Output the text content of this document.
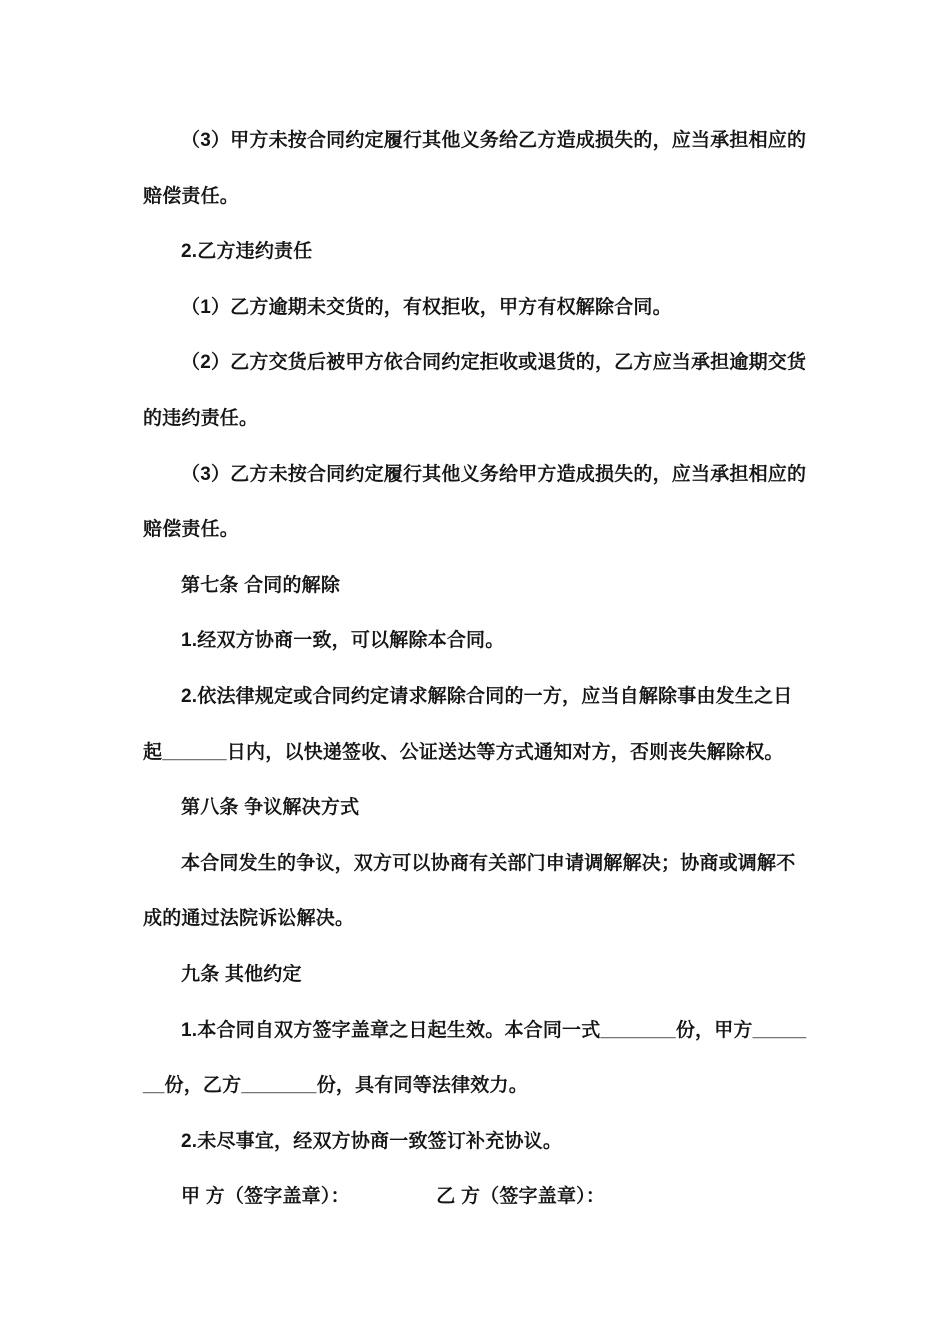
（3）甲方未按合同约定履行其他义务给乙方造成损失的，应当承担相应的赔偿责任。

2.乙方违约责任

（1）乙方逾期未交货的，有权拒收，甲方有权解除合同。

（2）乙方交货后被甲方依合同约定拒收或退货的，乙方应当承担逾期交货的违约责任。

（3）乙方未按合同约定履行其他义务给甲方造成损失的，应当承担相应的赔偿责任。

第七条 合同的解除

1.经双方协商一致，可以解除本合同。

2.依法律规定或合同约定请求解除合同的一方，应当自解除事由发生之日起______日内，以快递签收、公证送达等方式通知对方，否则丧失解除权。

第八条 争议解决方式

本合同发生的争议，双方可以协商有关部门申请调解解决；协商或调解不成的通过法院诉讼解决。

九条 其他约定

1.本合同自双方签字盖章之日起生效。本合同一式_______份，甲方_______份，乙方_______份，具有同等法律效力。

2.未尽事宜，经双方协商一致签订补充协议。

甲 方（签字盖章）：　　　　　乙 方（签字盖章）：
